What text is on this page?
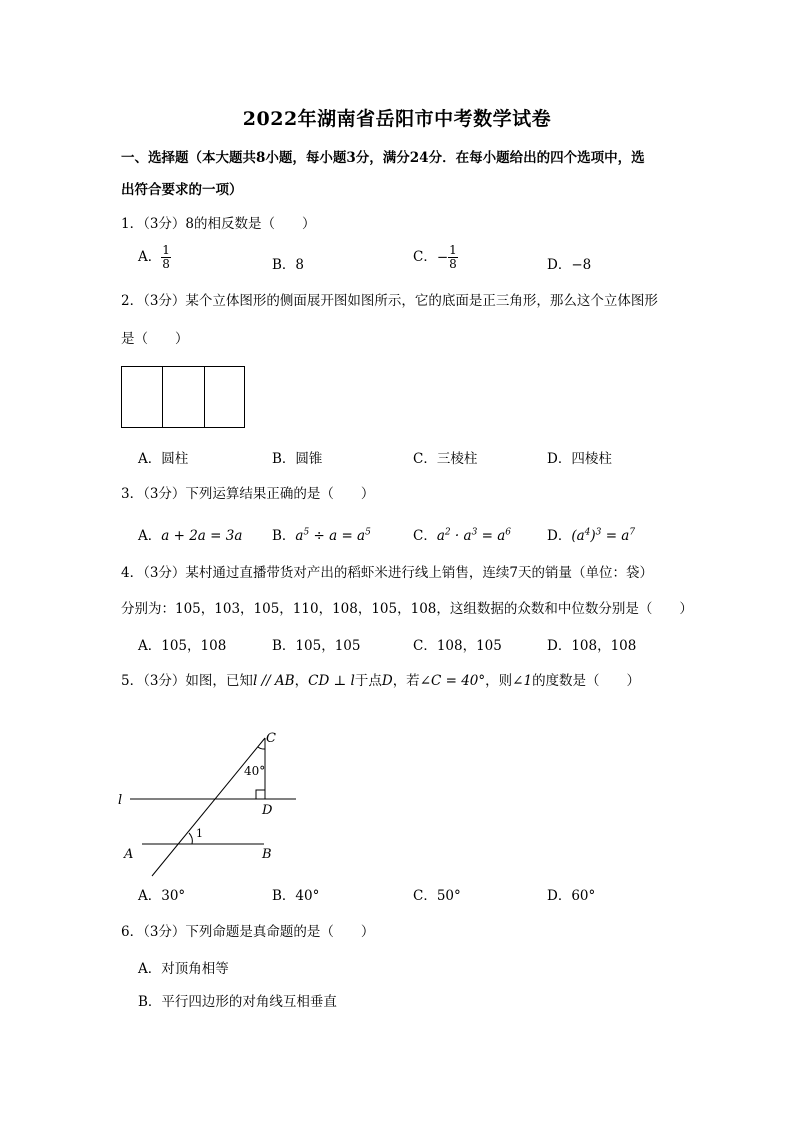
2022年湖南省岳阳市中考数学试卷
一、选择题（本大题共8小题，每小题3分，满分24分．在每小题给出的四个选项中，选
出符合要求的一项）
1．（3分）8的相反数是（　　）
A． $\frac{1}{8}$	B．8	C．− $\frac{1}{8}$	D．−8
2．（3分）某个立体图形的侧面展开图如图所示，它的底面是正三角形，那么这个立体图形
是（　　）
A．圆柱	B．圆锥	C．三棱柱	D．四棱柱
3．（3分）下列运算结果正确的是（　　）
A．a + 2a = 3a B．$a^5 \div a = a^5$	C．$a^2 \cdot a^3 = a^6$	D．$(a^4)^3 = a^7$
4．（3分）某村通过直播带货对产出的稻虾米进行线上销售，连续7天的销量（单位：袋）
分别为：105，103，105，110，108，105，108，这组数据的众数和中位数分别是（　　）
A．105，108	B．105，105	C．108，105	D．108，108
5．（3分）如图，已知l // AB，CD ⊥ l于点D，若∠C = 40°，则∠1的度数是（　　）
C
40°
D
l
A	B
1
A．30°	B．40°	C．50°	D．60°
6．（3分）下列命题是真命题的是（　　）
A．对顶角相等
B．平行四边形的对角线互相垂直
